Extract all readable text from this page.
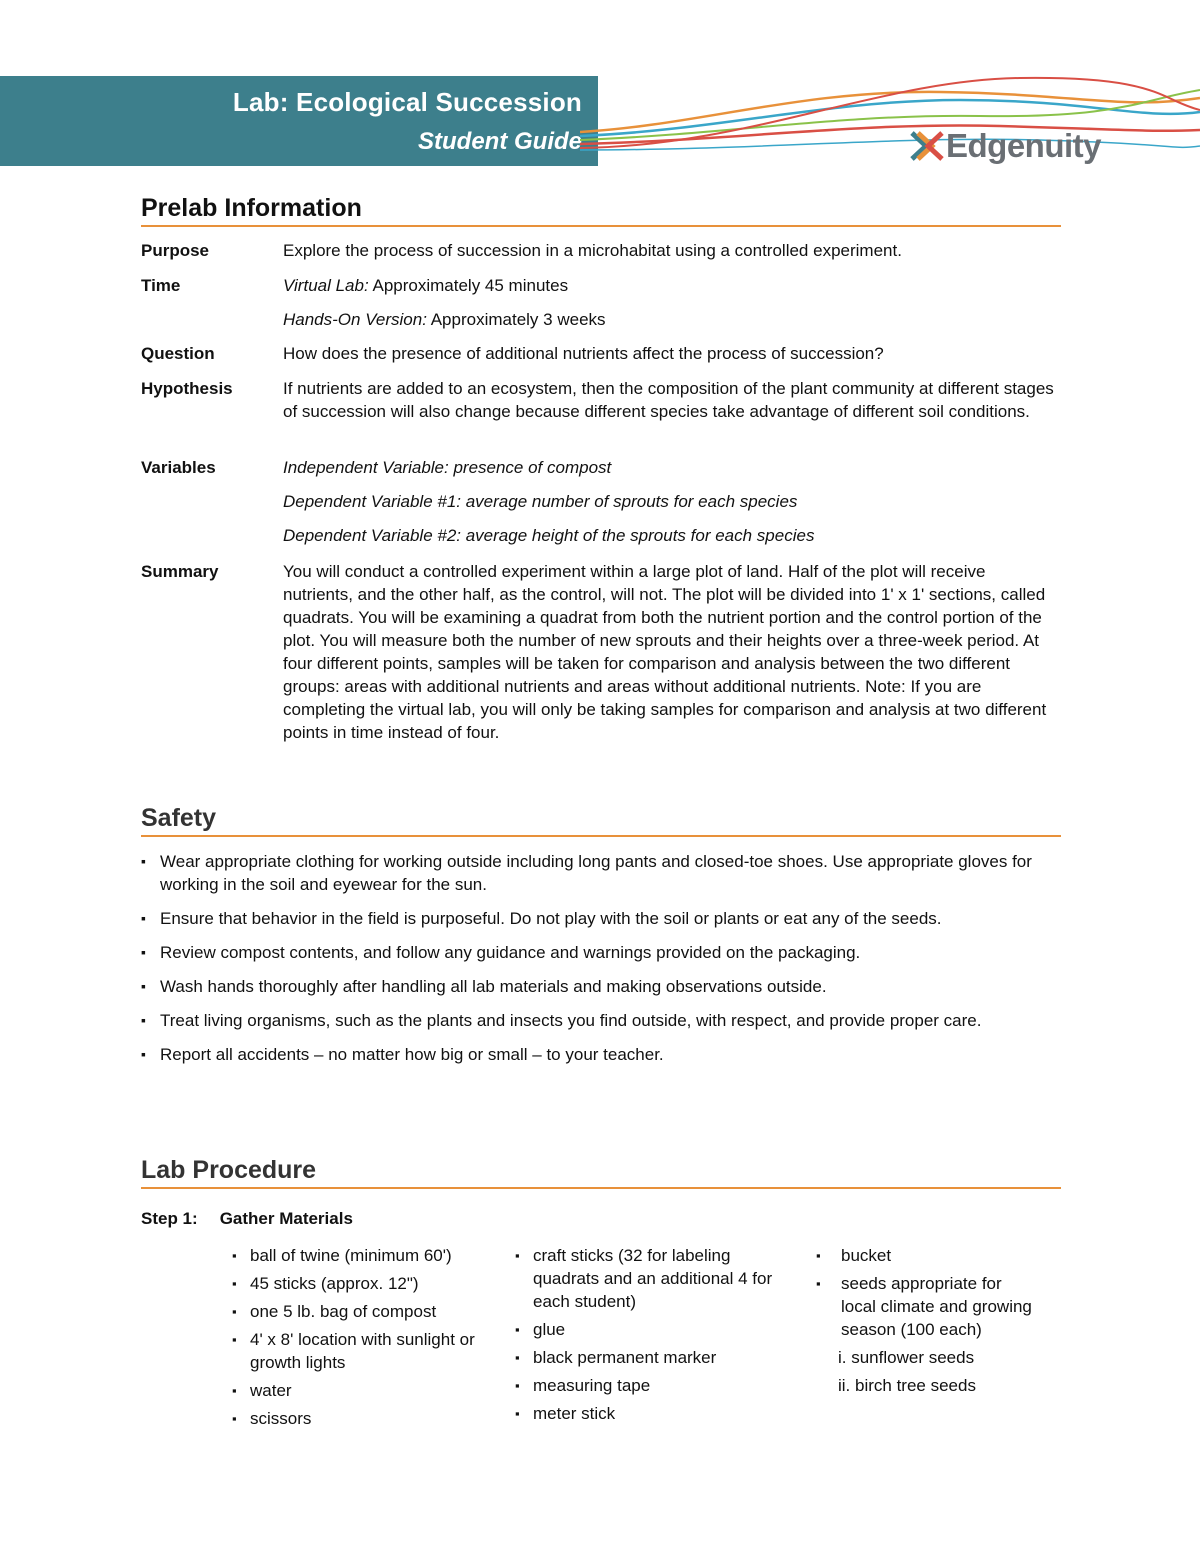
Lab: Ecological Succession
Student Guide	Edgenuity
Prelab Information
Purpose	Explore the process of succession in a microhabitat using a controlled experiment.
Time	Virtual Lab: Approximately 45 minutes
Hands-On Version: Approximately 3 weeks
Question	How does the presence of additional nutrients affect the process of succession?
Hypothesis	If nutrients are added to an ecosystem, then the composition of the plant community at different stages of succession will also change because different species take advantage of different soil conditions.
Variables	Independent Variable: presence of compost
Dependent Variable #1: average number of sprouts for each species
Dependent Variable #2: average height of the sprouts for each species
Summary	You will conduct a controlled experiment within a large plot of land. Half of the plot will receive nutrients, and the other half, as the control, will not. The plot will be divided into 1' x 1' sections, called quadrats. You will be examining a quadrat from both the nutrient portion and the control portion of the plot. You will measure both the number of new sprouts and their heights over a three-week period. At four different points, samples will be taken for comparison and analysis between the two different groups: areas with additional nutrients and areas without additional nutrients. Note: If you are completing the virtual lab, you will only be taking samples for comparison and analysis at two different points in time instead of four.
Safety
▪ Wear appropriate clothing for working outside including long pants and closed-toe shoes. Use appropriate gloves for working in the soil and eyewear for the sun.
▪ Ensure that behavior in the field is purposeful. Do not play with the soil or plants or eat any of the seeds.
▪ Review compost contents, and follow any guidance and warnings provided on the packaging.
▪ Wash hands thoroughly after handling all lab materials and making observations outside.
▪ Treat living organisms, such as the plants and insects you find outside, with respect, and provide proper care.
▪ Report all accidents – no matter how big or small – to your teacher.
Lab Procedure
Step 1: Gather Materials
▪ ball of twine (minimum 60')
▪ 45 sticks (approx. 12")
▪ one 5 lb. bag of compost
▪ 4' x 8' location with sunlight or growth lights
▪ water
▪ scissors
▪ craft sticks (32 for labeling quadrats and an additional 4 for each student)
▪ glue
▪ black permanent marker
▪ measuring tape
▪ meter stick
▪ bucket
▪ seeds appropriate for local climate and growing season (100 each)
i. sunflower seeds
ii. birch tree seeds
